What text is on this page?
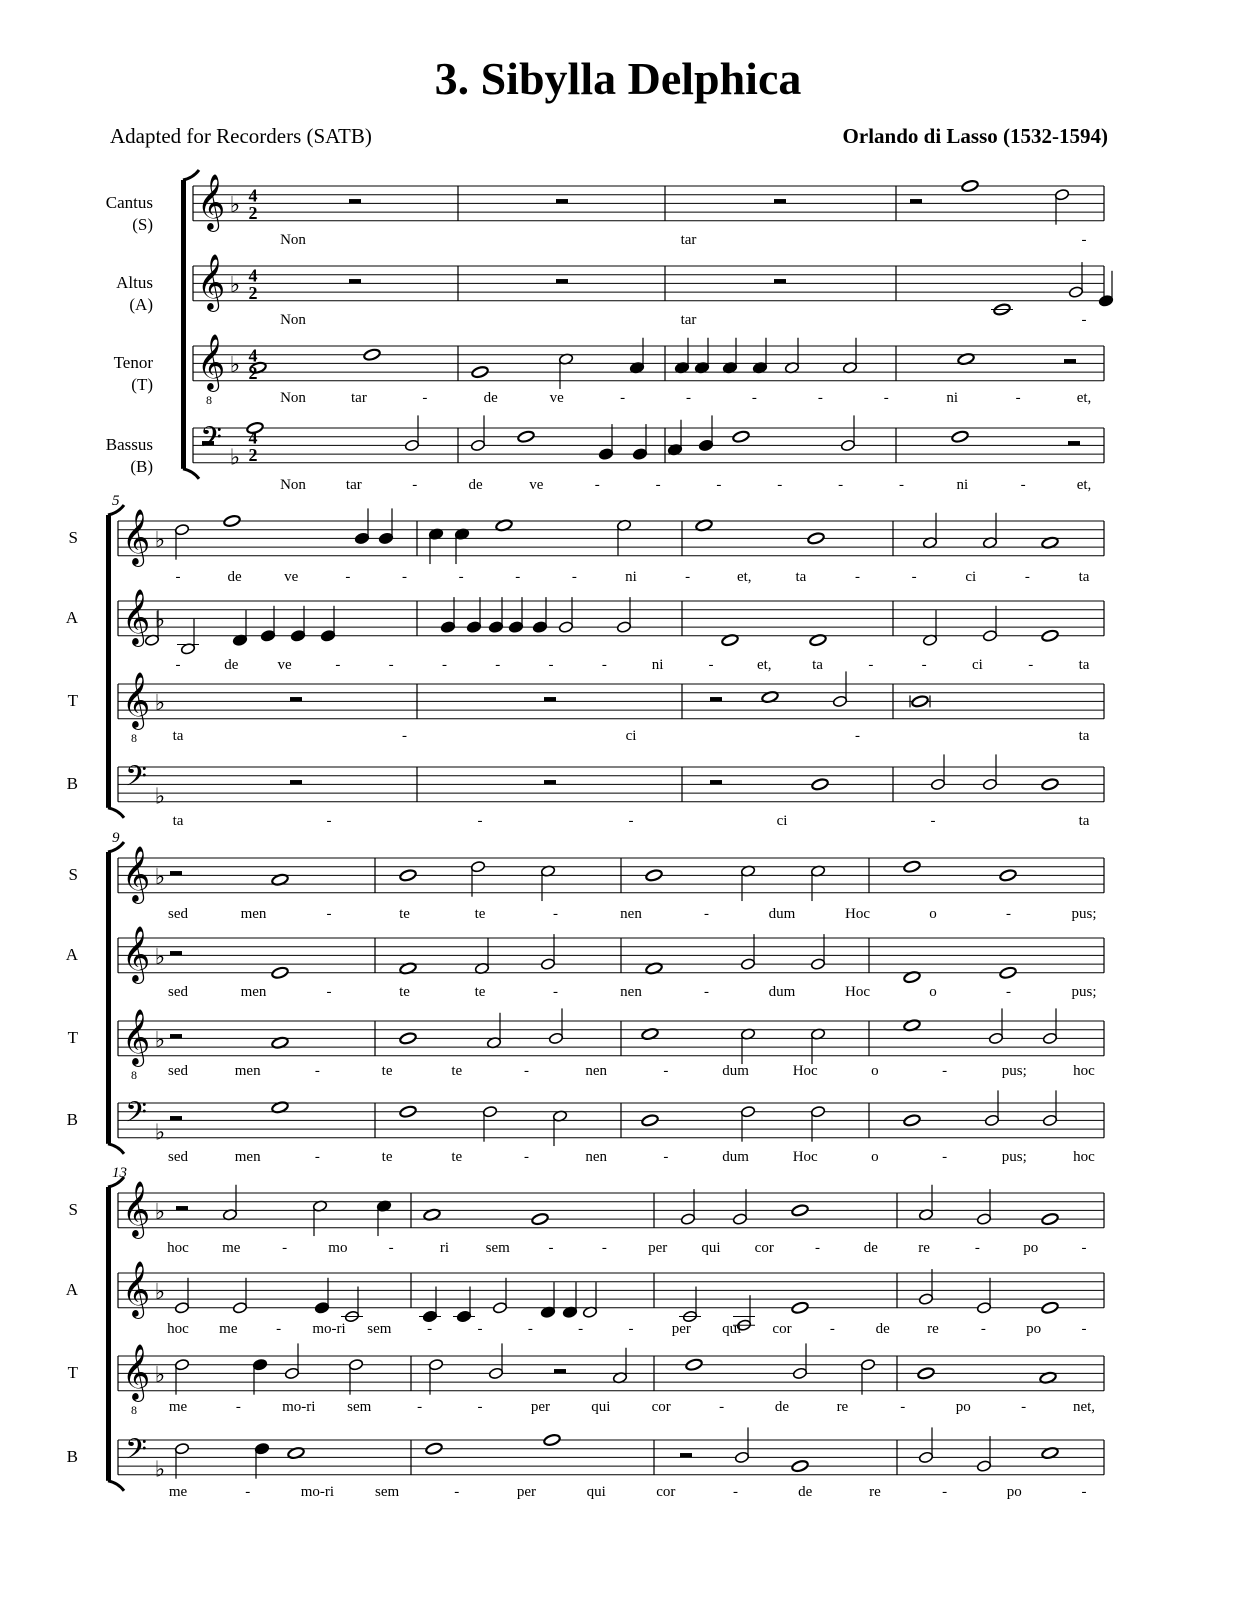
3. Sibylla Delphica
Adapted for Recorders (SATB)	Orlando di Lasso (1532-1594)
𝄞 ♭ 4
2
Cantus
(S)
Non	tar	-
𝄞 ♭ 4
2
Altus
(A)
Non	tar	-
𝄞
8
♭ 4
2
Tenor
(T)
Non	tar	-	de	ve	-	-	-	-	-	ni	-	et,
𝄢 ♭
4
2
Bassus
(B)
Non	tar	-	de	ve	-	-	-	-	-	-	ni	-	et,
5
𝄞 ♭
S
-	de	ve	-	-	-	-	-	ni	-	et,	ta	-	-	ci	-	ta
𝄞 ♭
A
-	de	ve	-	-	-	-	-	-	ni	-	et,	ta	-	-	ci	-	ta
𝄞
8
♭
T
ta	-	ci	-	ta
𝄢 ♭
B
ta	-	-	-	ci	-	ta
9
𝄞 ♭
S
sed	men	-	te	te	-	nen	-	dum	Hoc	o	-	pus;
𝄞 ♭
A
sed	men	-	te	te	-	nen	-	dum	Hoc	o	-	pus;
𝄞
8
♭
T
sed	men	-	te	te	-	nen	-	dum	Hoc	o	-	pus;	hoc
𝄢 ♭
B
sed	men	-	te	te	-	nen	-	dum	Hoc	o	-	pus;	hoc
13
𝄞 ♭
S
hoc me	-	mo	-	ri sem	-	-	per qui cor	-	de	re	-	po	-
𝄞 ♭
A
hoc me	- mo-ri sem -	-	-	-	-	per qui cor	-	de re	-	po	-
𝄞
8
♭
T
me	-	mo-ri sem	-	-	per	qui	cor	-	de	re	-	po	-	net,
𝄢 ♭
B
me	-	mo-ri	sem	-	per	qui	cor	-	de	re	-	po	-
